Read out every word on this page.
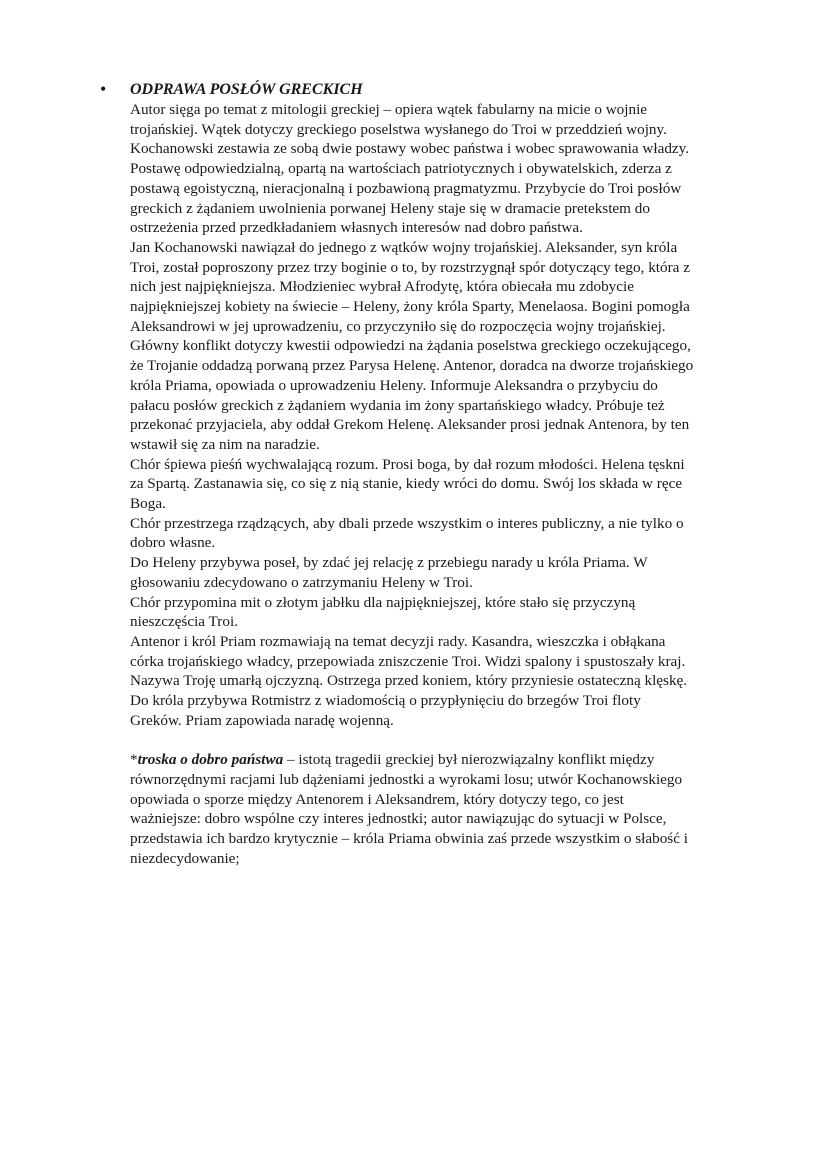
• ODPRAWA POSŁÓW GRECKICH

Autor sięga po temat z mitologii greckiej – opiera wątek fabularny na micie o wojnie
trojańskiej. Wątek dotyczy greckiego poselstwa wysłanego do Troi w przeddzień wojny.
Kochanowski zestawia ze sobą dwie postawy wobec państwa i wobec sprawowania władzy.
Postawę odpowiedzialną, opartą na wartościach patriotycznych i obywatelskich, zderza z
postawą egoistyczną, nieracjonalną i pozbawioną pragmatyzmu. Przybycie do Troi posłów
greckich z żądaniem uwolnienia porwanej Heleny staje się w dramacie pretekstem do
ostrzeżenia przed przedkładaniem własnych interesów nad dobro państwa.
Jan Kochanowski nawiązał do jednego z wątków wojny trojańskiej. Aleksander, syn króla
Troi, został poproszony przez trzy boginie o to, by rozstrzygnął spór dotyczący tego, która z
nich jest najpiękniejsza. Młodzieniec wybrał Afrodytę, która obiecała mu zdobycie
najpiękniejszej kobiety na świecie – Heleny, żony króla Sparty, Menelaosa. Bogini pomogła
Aleksandrowi w jej uprowadzeniu, co przyczyniło się do rozpoczęcia wojny trojańskiej.
Główny konflikt dotyczy kwestii odpowiedzi na żądania poselstwa greckiego oczekującego,
że Trojanie oddadzą porwaną przez Parysa Helenę. Antenor, doradca na dworze trojańskiego
króla Priama, opowiada o uprowadzeniu Heleny. Informuje Aleksandra o przybyciu do
pałacu posłów greckich z żądaniem wydania im żony spartańskiego władcy. Próbuje też
przekonać przyjaciela, aby oddał Grekom Helenę. Aleksander prosi jednak Antenora, by ten
wstawił się za nim na naradzie.
Chór śpiewa pieśń wychwalającą rozum. Prosi boga, by dał rozum młodości. Helena tęskni
za Spartą. Zastanawia się, co się z nią stanie, kiedy wróci do domu. Swój los składa w ręce
Boga.
Chór przestrzega rządzących, aby dbali przede wszystkim o interes publiczny, a nie tylko o
dobro własne.
Do Heleny przybywa poseł, by zdać jej relację z przebiegu narady u króla Priama. W
głosowaniu zdecydowano o zatrzymaniu Heleny w Troi.
Chór przypomina mit o złotym jabłku dla najpiękniejszej, które stało się przyczyną
nieszczęścia Troi.
Antenor i król Priam rozmawiają na temat decyzji rady. Kasandra, wieszczka i obłąkana
córka trojańskiego władcy, przepowiada zniszczenie Troi. Widzi spalony i spustoszały kraj.
Nazywa Troję umarłą ojczyzną. Ostrzega przed koniem, który przyniesie ostateczną klęskę.
Do króla przybywa Rotmistrz z wiadomością o przypłynięciu do brzegów Troi floty
Greków. Priam zapowiada naradę wojenną.
*troska o dobro państwa – istotą tragedii greckiej był nierozwiązalny konflikt między
równorzędnymi racjami lub dążeniami jednostki a wyrokami losu; utwór Kochanowskiego
opowiada o sporze między Antenorem i Aleksandrem, który dotyczy tego, co jest
ważniejsze: dobro wspólne czy interes jednostki; autor nawiązując do sytuacji w Polsce,
przedstawia ich bardzo krytycznie – króla Priama obwinia zaś przede wszystkim o słabość i
niezdecydowanie;
